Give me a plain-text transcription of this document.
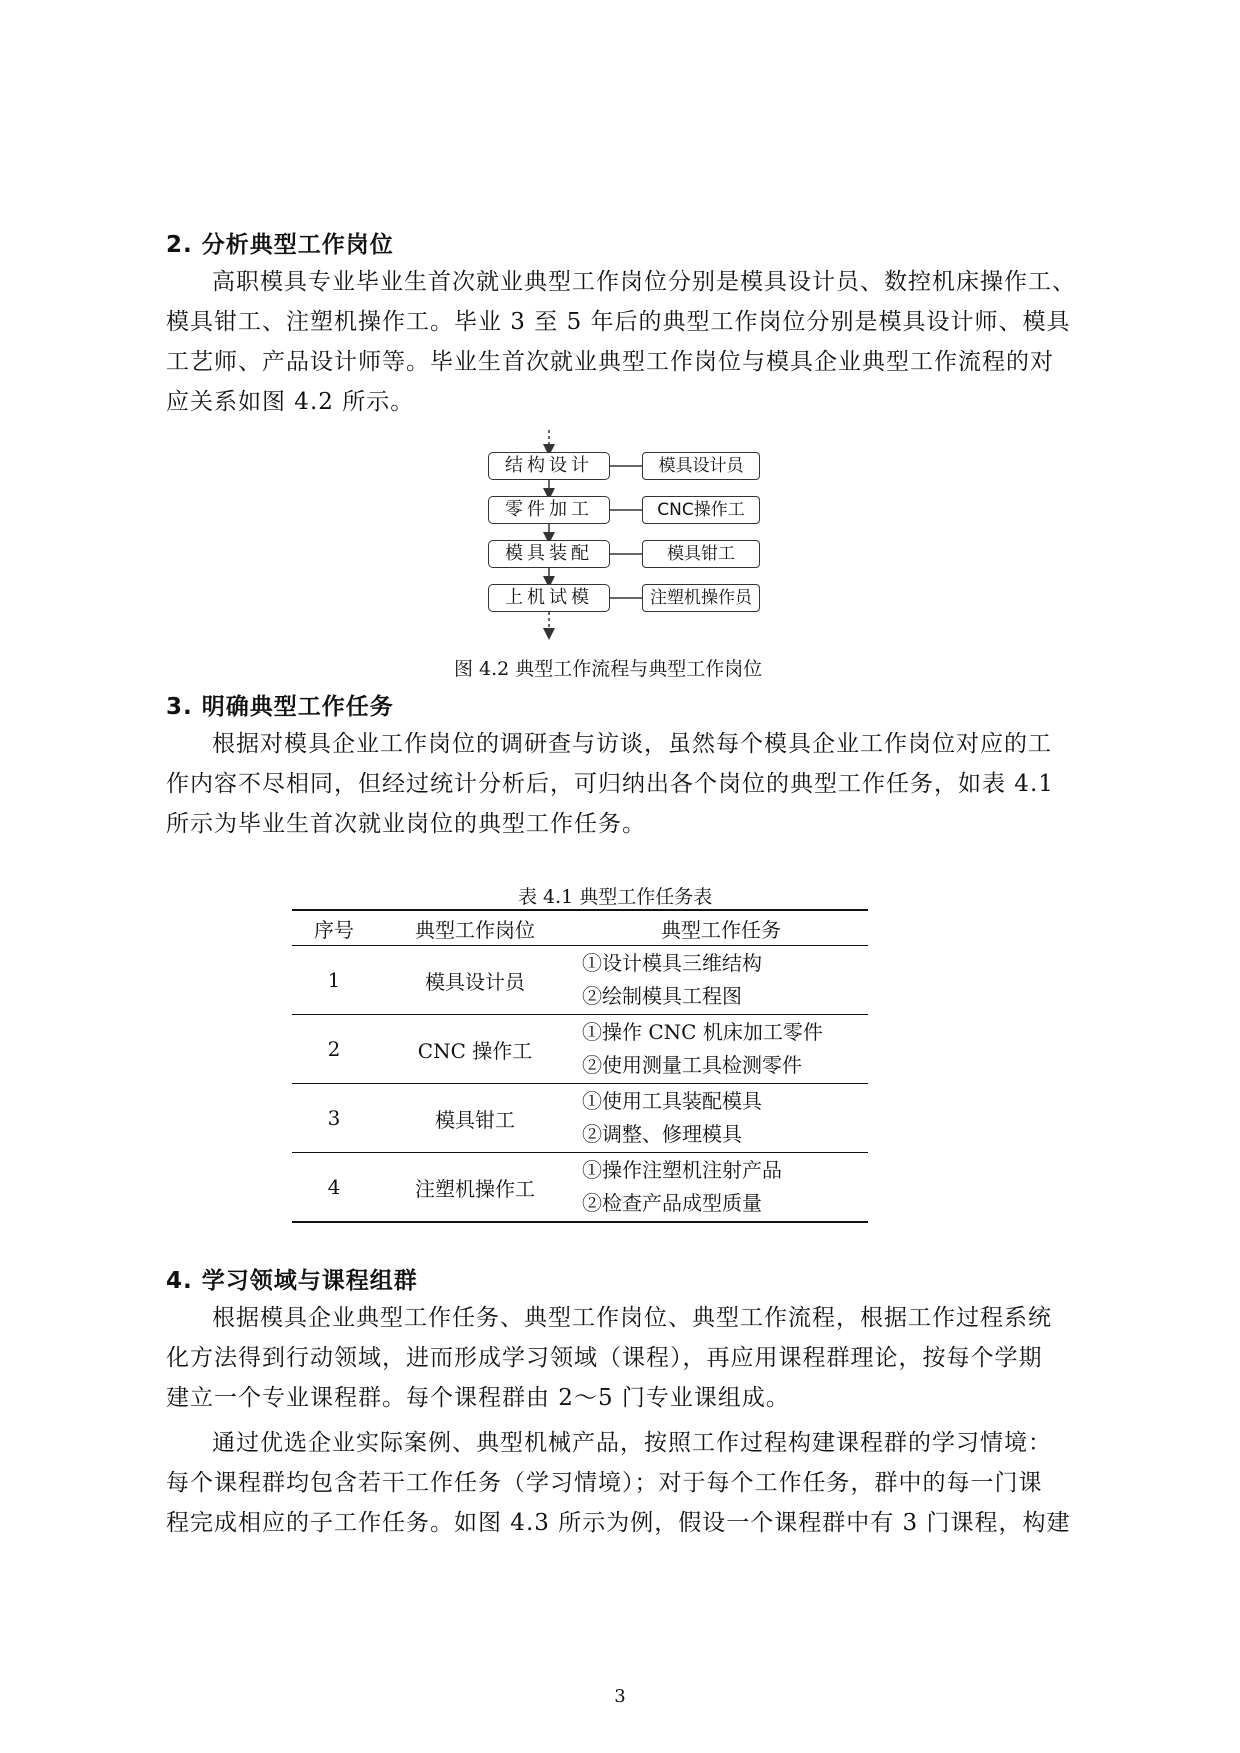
2. 分析典型工作岗位
高职模具专业毕业生首次就业典型工作岗位分别是模具设计员、数控机床操作工、
模具钳工、注塑机操作工。毕业 3 至 5 年后的典型工作岗位分别是模具设计师、模具
工艺师、产品设计师等。毕业生首次就业典型工作岗位与模具企业典型工作流程的对
应关系如图 4.2 所示。
结构设计
零件加工
模具装配
上机试模
模具设计员
CNC操作工
模具钳工
注塑机操作员
图 4.2 典型工作流程与典型工作岗位
3. 明确典型工作任务
根据对模具企业工作岗位的调研查与访谈，虽然每个模具企业工作岗位对应的工
作内容不尽相同，但经过统计分析后，可归纳出各个岗位的典型工作任务，如表 4.1
所示为毕业生首次就业岗位的典型工作任务。
表 4.1 典型工作任务表
序号	典型工作岗位	典型工作任务
1	模具设计员	①设计模具三维结构
②绘制模具工程图

2	CNC 操作工	①操作 CNC 机床加工零件
②使用测量工具检测零件

3	模具钳工	①使用工具装配模具
②调整、修理模具

4	注塑机操作工	①操作注塑机注射产品
②检查产品成型质量
4. 学习领域与课程组群
根据模具企业典型工作任务、典型工作岗位、典型工作流程，根据工作过程系统
化方法得到行动领域，进而形成学习领域（课程），再应用课程群理论，按每个学期
建立一个专业课程群。每个课程群由 2～5 门专业课组成。
通过优选企业实际案例、典型机械产品，按照工作过程构建课程群的学习情境：
每个课程群均包含若干工作任务（学习情境）；对于每个工作任务，群中的每一门课
程完成相应的子工作任务。如图 4.3 所示为例，假设一个课程群中有 3 门课程，构建
3
